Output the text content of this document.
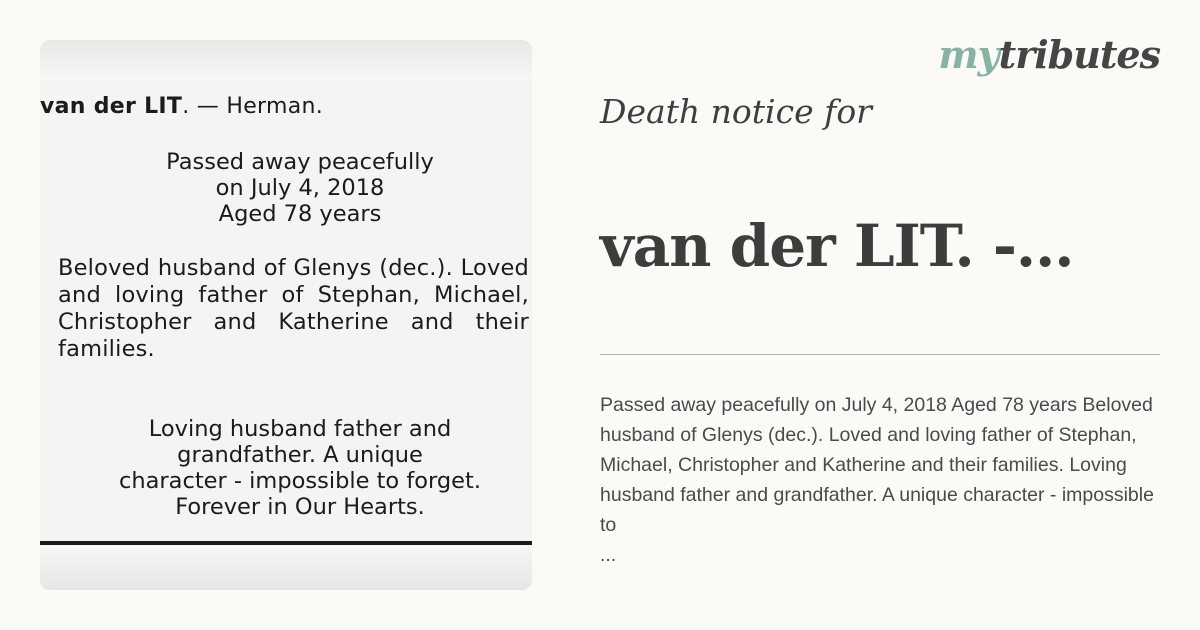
van der LIT. — Herman.
Passed away peacefully
on July 4, 2018
Aged 78 years
Beloved husband of Glenys (dec.). Loved and loving father of Stephan, Michael, Christopher and Katherine and their families.
Loving husband father and
grandfather. A unique
character - impossible to forget.
Forever in Our Hearts.
mytributes
Death notice for
van der LIT. -...
Passed away peacefully on July 4, 2018 Aged 78 years Beloved husband of Glenys (dec.). Loved and loving father of Stephan, Michael, Christopher and Katherine and their families. Loving husband father and grandfather. A unique character - impossible to
...
